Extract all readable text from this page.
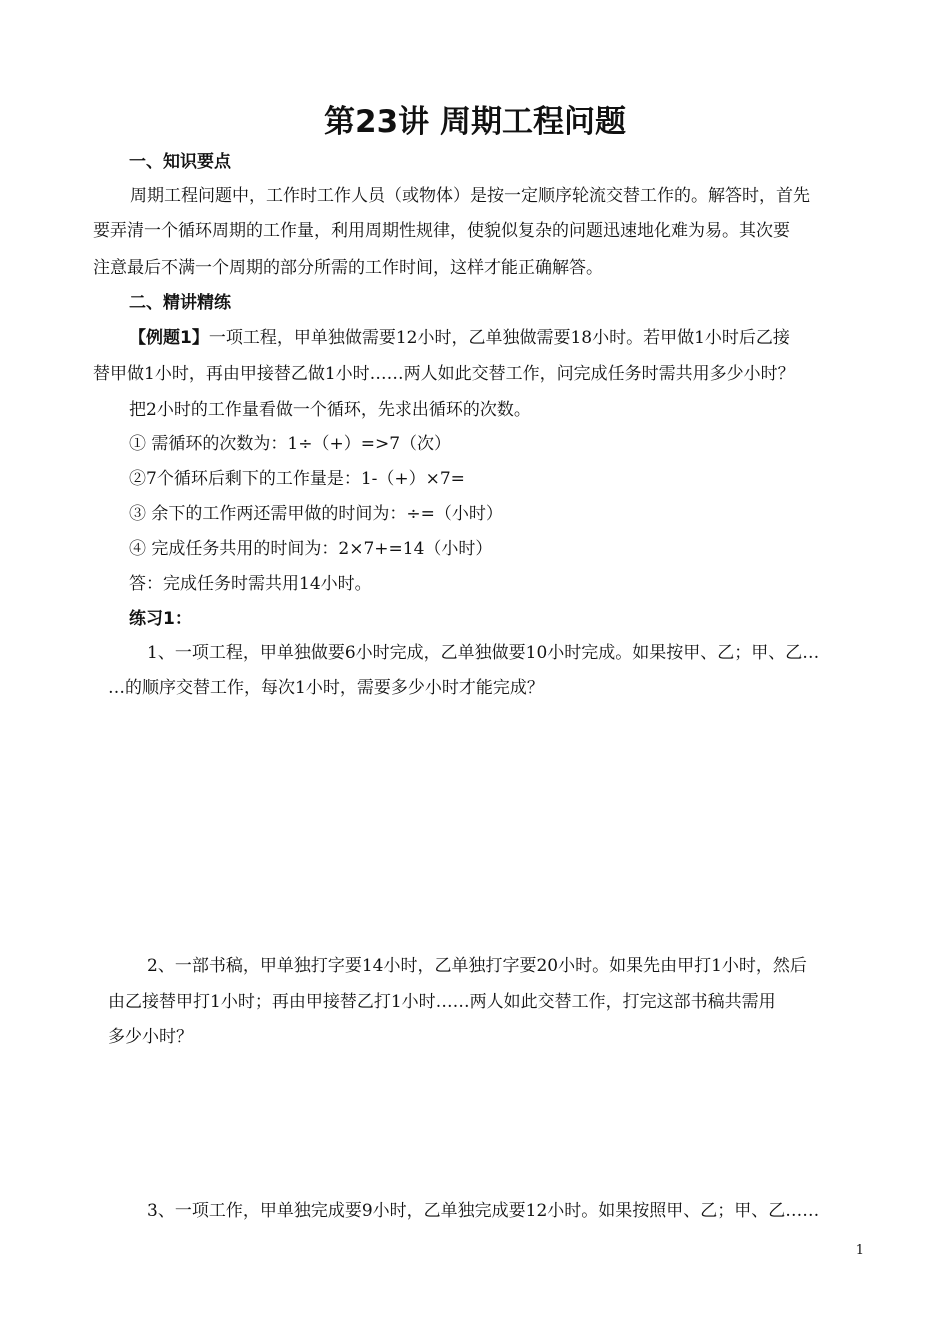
第23讲 周期工程问题
一、知识要点
周期工程问题中，工作时工作人员（或物体）是按一定顺序轮流交替工作的。解答时，首先
要弄清一个循环周期的工作量，利用周期性规律，使貌似复杂的问题迅速地化难为易。其次要
注意最后不满一个周期的部分所需的工作时间，这样才能正确解答。
二、精讲精练
【例题1】一项工程，甲单独做需要12小时，乙单独做需要18小时。若甲做1小时后乙接
替甲做1小时，再由甲接替乙做1小时……两人如此交替工作，问完成任务时需共用多少小时？
把2小时的工作量看做一个循环，先求出循环的次数。
① 需循环的次数为：1÷（+）=>7（次）
②7个循环后剩下的工作量是：1-（+）×7=
③ 余下的工作两还需甲做的时间为：÷=（小时）
④ 完成任务共用的时间为：2×7+=14（小时）
答：完成任务时需共用14小时。
练习1：
1、一项工程，甲单独做要6小时完成，乙单独做要10小时完成。如果按甲、乙；甲、乙…
…的顺序交替工作，每次1小时，需要多少小时才能完成？
2、一部书稿，甲单独打字要14小时，乙单独打字要20小时。如果先由甲打1小时，然后
由乙接替甲打1小时；再由甲接替乙打1小时……两人如此交替工作，打完这部书稿共需用
多少小时？
3、一项工作，甲单独完成要9小时，乙单独完成要12小时。如果按照甲、乙；甲、乙……
1
